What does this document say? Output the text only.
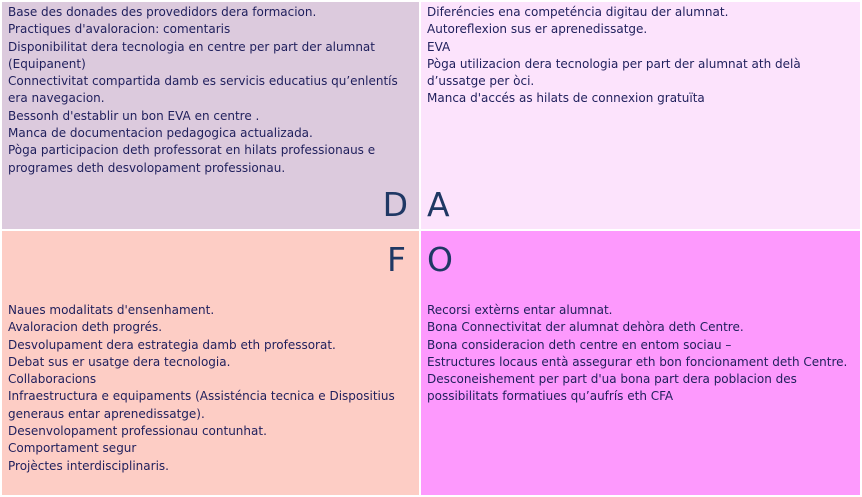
Base des donades des provedidors dera formacion.
Practiques d'avaloracion: comentaris
Disponibilitat dera tecnologia en centre per part der alumnat (Equipanent)
Connectivitat compartida damb es servicis educatius qu’enlentís era navegacion.
Bessonh d'establir un bon EVA en centre .
Manca de documentacion pedagogica actualizada.
Pòga participacion deth professorat en hilats professionaus e programes deth desvolopament professionau.
D
Diferéncies ena competéncia digitau der alumnat.
Autoreflexion sus er aprenedissatge.
EVA
Pòga utilizacion dera tecnologia per part der alumnat ath delà d’ussatge per òci.
Manca d'accés as hilats de connexion gratuïta
A
F
Naues modalitats d'ensenhament.
Avaloracion deth progrés.
Desvolupament dera estrategia damb eth professorat.
Debat sus er usatge dera tecnologia.
Collaboracions
Infraestructura e equipaments (Assisténcia tecnica e Dispositius generaus entar aprenedissatge).
Desenvolopament professionau contunhat.
Comportament segur
Projèctes interdisciplinaris.
O
Recorsi extèrns entar alumnat.
Bona Connectivitat der alumnat dehòra deth Centre.
Bona consideracion deth centre en entom sociau –
Estructures locaus entà assegurar eth bon foncionament deth Centre.
Desconeishement per part d'ua bona part dera poblacion des possibilitats formatiues qu’aufrís eth CFA
